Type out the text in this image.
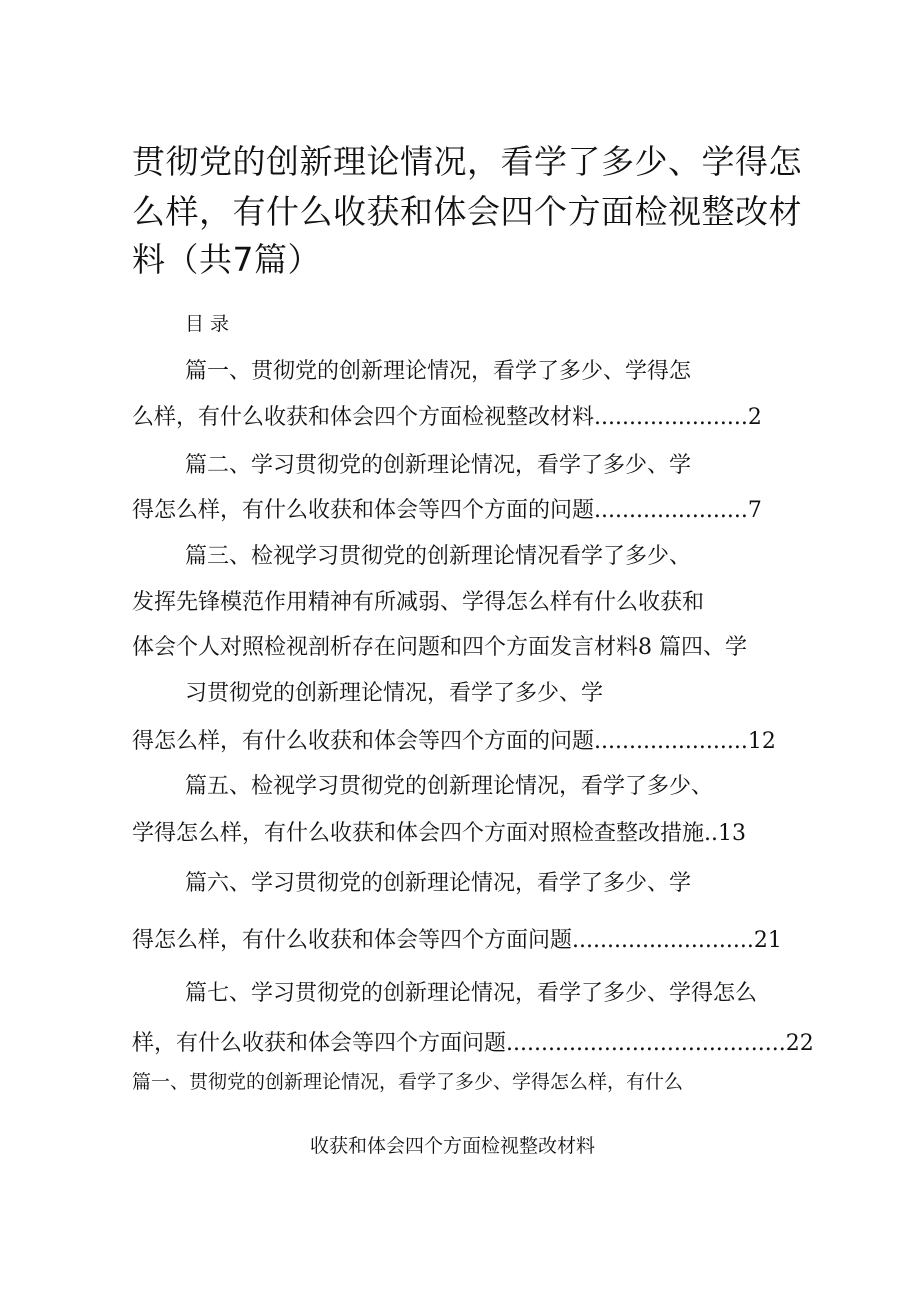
贯彻党的创新理论情况，看学了多少、学得怎
么样，有什么收获和体会四个方面检视整改材
料（共7篇）
目录
篇一、贯彻党的创新理论情况，看学了多少、学得怎
么样，有什么收获和体会四个方面检视整改材料......................2
篇二、学习贯彻党的创新理论情况，看学了多少、学
得怎么样，有什么收获和体会等四个方面的问题......................7
篇三、检视学习贯彻党的创新理论情况看学了多少、
发挥先锋模范作用精神有所减弱、学得怎么样有什么收获和
体会个人对照检视剖析存在问题和四个方面发言材料8 篇四、学
习贯彻党的创新理论情况，看学了多少、学
得怎么样，有什么收获和体会等四个方面的问题......................12
篇五、检视学习贯彻党的创新理论情况，看学了多少、
学得怎么样，有什么收获和体会四个方面对照检查整改措施..13
篇六、学习贯彻党的创新理论情况，看学了多少、学
得怎么样，有什么收获和体会等四个方面问题..........................21
篇七、学习贯彻党的创新理论情况，看学了多少、学得怎么
样，有什么收获和体会等四个方面问题........................................22
篇一、贯彻党的创新理论情况，看学了多少、学得怎么样，有什么
收获和体会四个方面检视整改材料
